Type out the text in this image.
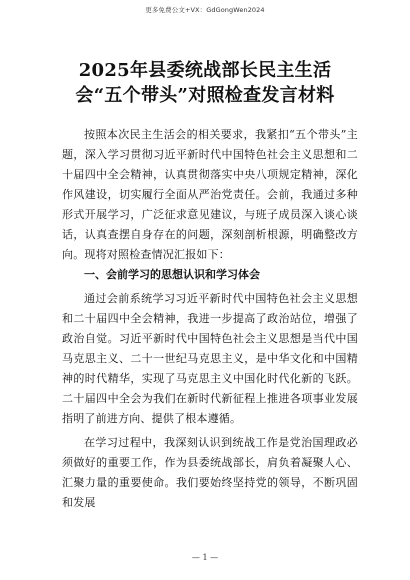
更多免费公文+VX：GdGongWen2024
2025年县委统战部长民主生活会“五个带头”对照检查发言材料

按照本次民主生活会的相关要求，我紧扣“五个带头”主题，深入学习贯彻习近平新时代中国特色社会主义思想和二十届四中全会精神，认真贯彻落实中央八项规定精神，深化作风建设，切实履行全面从严治党责任。会前，我通过多种形式开展学习，广泛征求意见建议，与班子成员深入谈心谈话，认真查摆自身存在的问题，深刻剖析根源，明确整改方向。现将对照检查情况汇报如下：

一、会前学习的思想认识和学习体会

通过会前系统学习习近平新时代中国特色社会主义思想和二十届四中全会精神，我进一步提高了政治站位，增强了政治自觉。习近平新时代中国特色社会主义思想是当代中国马克思主义、二十一世纪马克思主义，是中华文化和中国精神的时代精华，实现了马克思主义中国化时代化新的飞跃。二十届四中全会为我们在新时代新征程上推进各项事业发展指明了前进方向、提供了根本遵循。

在学习过程中，我深刻认识到统战工作是党治国理政必须做好的重要工作，作为县委统战部长，肩负着凝聚人心、汇聚力量的重要使命。我们要始终坚持党的领导，不断巩固和发展

— 1 —
